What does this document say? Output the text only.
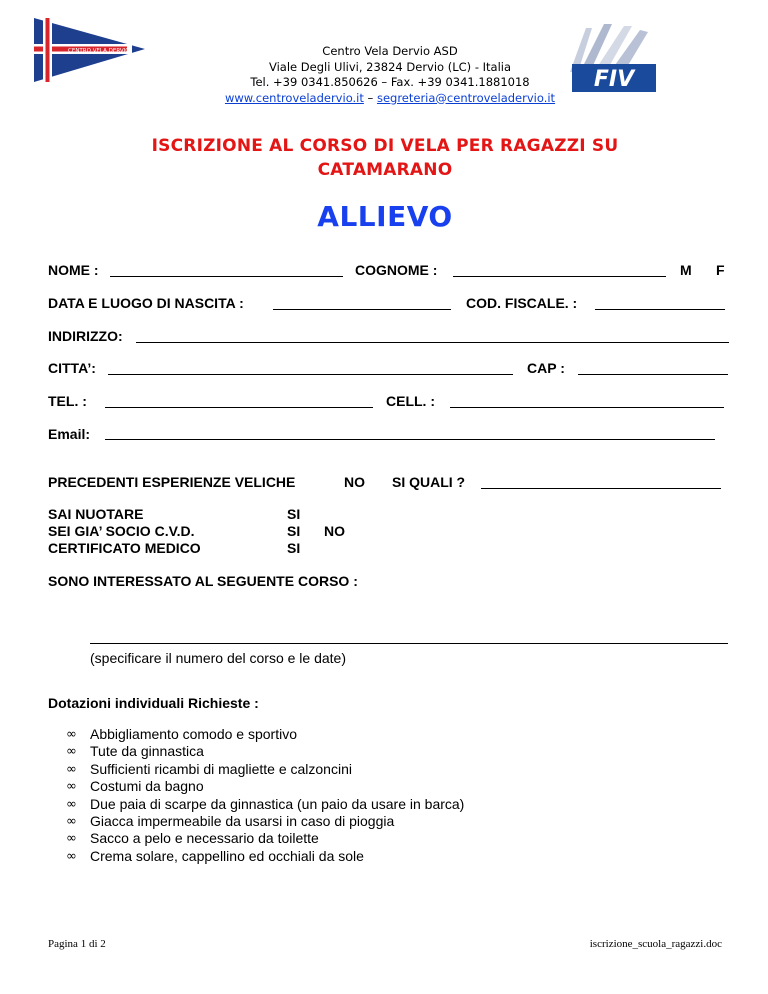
CENTRO VELA DERVIO	Centro Vela Dervio ASD
Viale Degli Ulivi, 23824 Dervio (LC) - Italia
Tel. +39 0341.850626 – Fax. +39 0341.1881018
www.centroveladervio.it – segreteria@centroveladervio.it
FIV
ISCRIZIONE AL CORSO DI VELA PER RAGAZZI SU
CATAMARANO
ALLIEVO
NOME :	COGNOME :	M F
DATA E LUOGO DI NASCITA :	COD. FISCALE. :
INDIRIZZO:
CITTA’:	CAP :
TEL. :	CELL. :
Email:
PRECEDENTI ESPERIENZE VELICHE	NO SI QUALI ?
SAI NUOTARE	SI
SEI GIA’ SOCIO C.V.D.	SI NO
CERTIFICATO MEDICO	SI
SONO INTERESSATO AL SEGUENTE CORSO :
(specificare il numero del corso e le date)
Dotazioni individuali Richieste :
∞ Abbigliamento comodo e sportivo
∞ Tute da ginnastica
∞ Sufficienti ricambi di magliette e calzoncini
∞ Costumi da bagno
∞ Due paia di scarpe da ginnastica (un paio da usare in barca)
∞ Giacca impermeabile da usarsi in caso di pioggia
∞ Sacco a pelo e necessario da toilette
∞ Crema solare, cappellino ed occhiali da sole
Pagina 1 di 2	iscrizione_scuola_ragazzi.doc
